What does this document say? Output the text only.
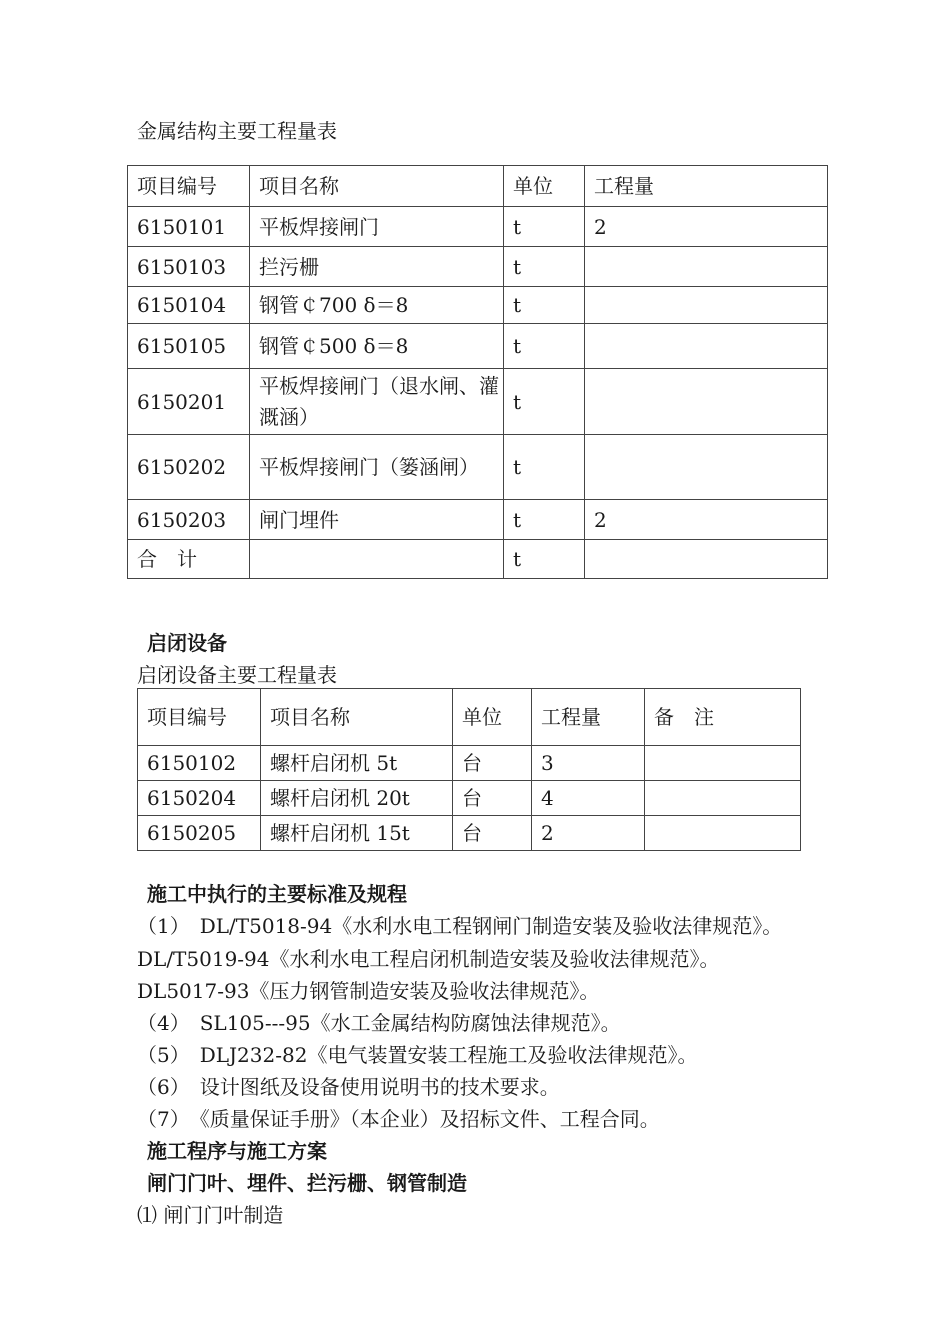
金属结构主要工程量表
项目编号	项目名称	单位	工程量
6150101	平板焊接闸门	t	2
6150103	拦污栅	t	
6150104	钢管￠700 δ＝8	t	
6150105	钢管￠500 δ＝8	t	
6150201	平板焊接闸门（退水闸、灌溉涵）	t	
6150202	平板焊接闸门（篓涵闸）	t	
6150203	闸门埋件	t	2
合　计		t	
启闭设备
启闭设备主要工程量表
项目编号	项目名称	单位	工程量	备　注
6150102	螺杆启闭机 5t	台	3	
6150204	螺杆启闭机 20t	台	4	
6150205	螺杆启闭机 15t	台	2	
施工中执行的主要标准及规程
（1）　DL/T5018-94《水利水电工程钢闸门制造安装及验收法律规范》。
DL/T5019-94《水利水电工程启闭机制造安装及验收法律规范》。
DL5017-93《压力钢管制造安装及验收法律规范》。
（4）　SL105---95《水工金属结构防腐蚀法律规范》。
（5）　DLJ232-82《电气装置安装工程施工及验收法律规范》。
（6）　设计图纸及设备使用说明书的技术要求。
（7）　《质量保证手册》（本企业）及招标文件、工程合同。
施工程序与施工方案
闸门门叶、埋件、拦污栅、钢管制造
⑴ 闸门门叶制造
